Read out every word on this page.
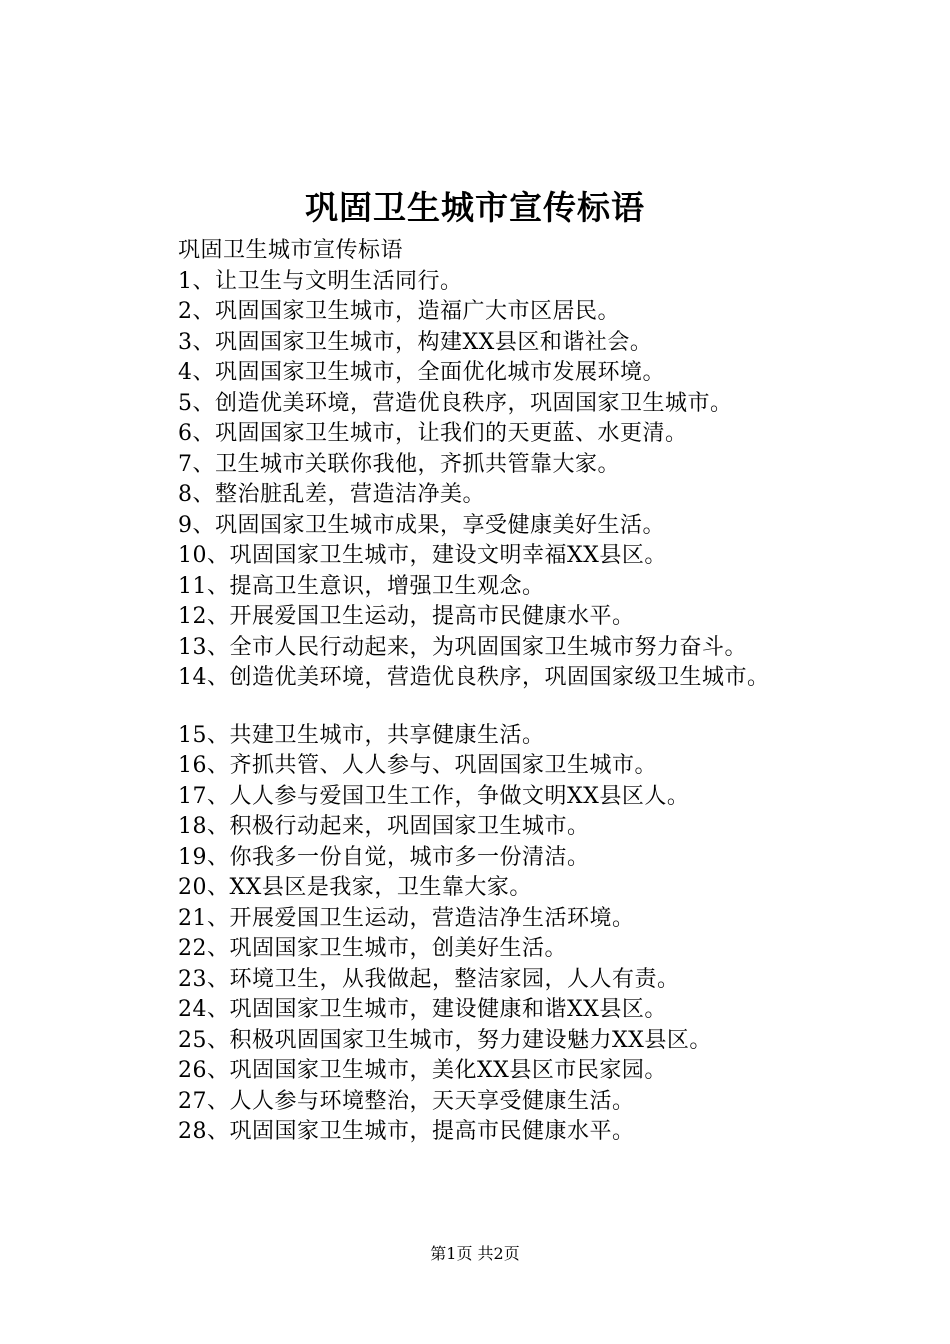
巩固卫生城市宣传标语
巩固卫生城市宣传标语
1、让卫生与文明生活同行。
2、巩固国家卫生城市，造福广大市区居民。
3、巩固国家卫生城市，构建XX县区和谐社会。
4、巩固国家卫生城市，全面优化城市发展环境。
5、创造优美环境，营造优良秩序，巩固国家卫生城市。
6、巩固国家卫生城市，让我们的天更蓝、水更清。
7、卫生城市关联你我他，齐抓共管靠大家。
8、整治脏乱差，营造洁净美。
9、巩固国家卫生城市成果，享受健康美好生活。
10、巩固国家卫生城市，建设文明幸福XX县区。
11、提高卫生意识，增强卫生观念。
12、开展爱国卫生运动，提高市民健康水平。
13、全市人民行动起来，为巩固国家卫生城市努力奋斗。
14、创造优美环境，营造优良秩序，巩固国家级卫生城市。
15、共建卫生城市，共享健康生活。
16、齐抓共管、人人参与、巩固国家卫生城市。
17、人人参与爱国卫生工作，争做文明XX县区人。
18、积极行动起来，巩固国家卫生城市。
19、你我多一份自觉，城市多一份清洁。
20、XX县区是我家，卫生靠大家。
21、开展爱国卫生运动，营造洁净生活环境。
22、巩固国家卫生城市，创美好生活。
23、环境卫生，从我做起，整洁家园，人人有责。
24、巩固国家卫生城市，建设健康和谐XX县区。
25、积极巩固国家卫生城市，努力建设魅力XX县区。
26、巩固国家卫生城市，美化XX县区市民家园。
27、人人参与环境整治，天天享受健康生活。
28、巩固国家卫生城市，提高市民健康水平。
第1页 共2页
